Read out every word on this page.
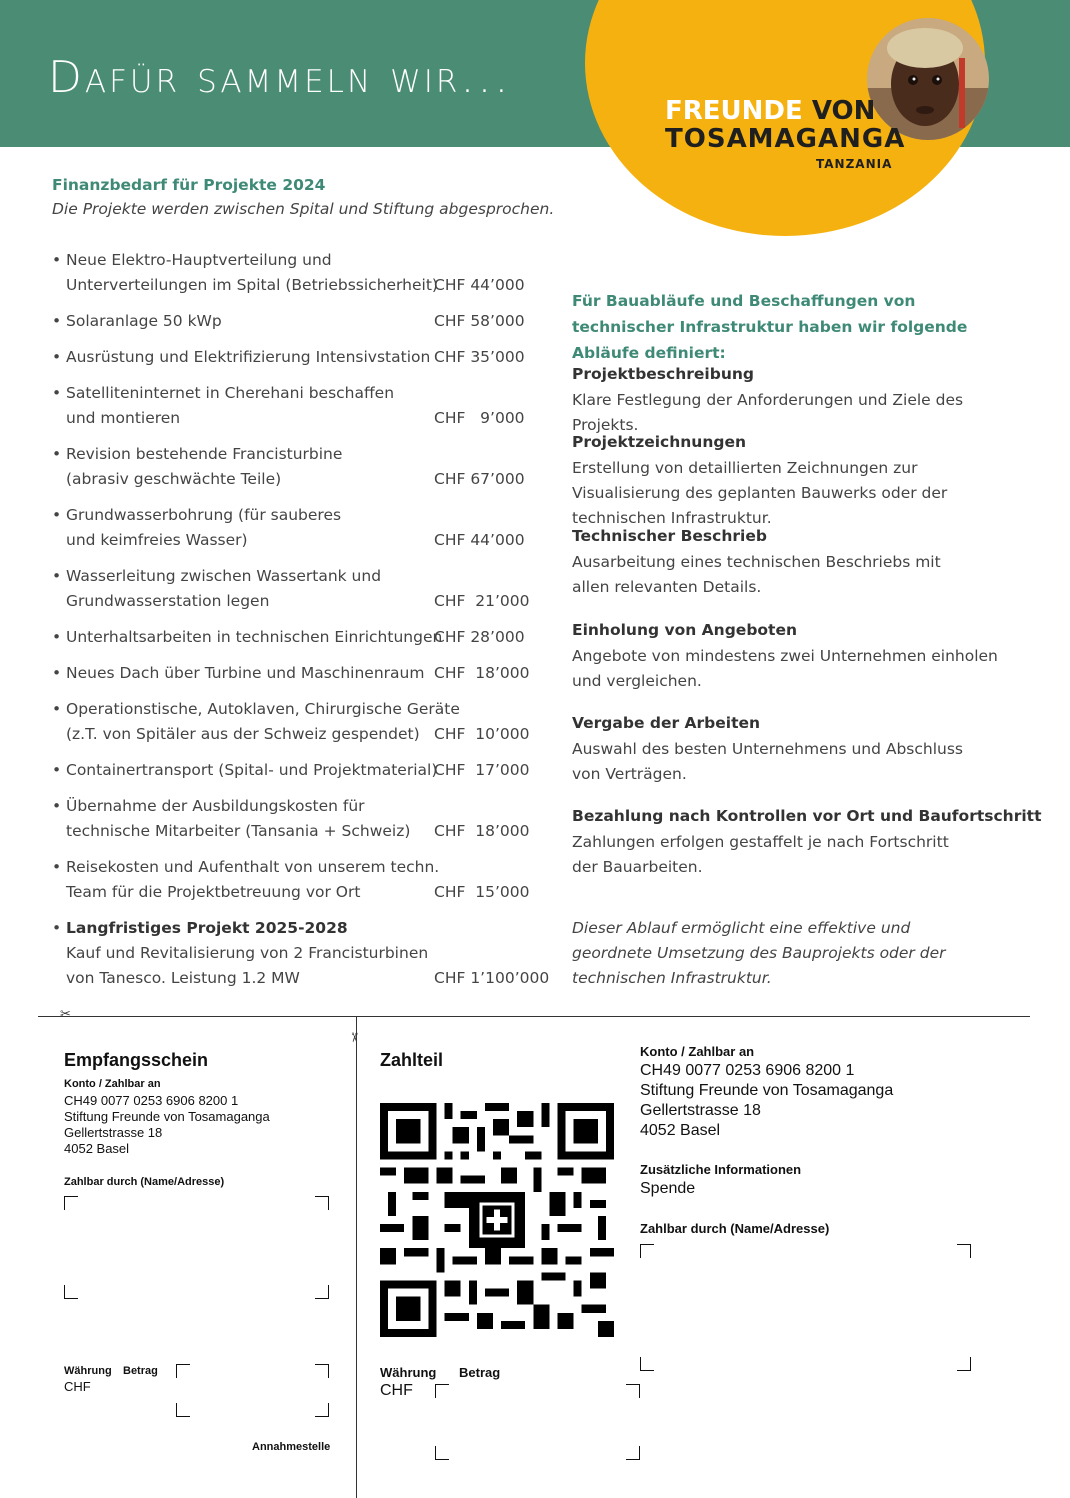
Dafür sammeln wir...
FREUNDE VON
TOSAMAGANGA
TANZANIA
Finanzbedarf für Projekte 2024
Die Projekte werden zwischen Spital und Stiftung abgesprochen.
• Neue Elektro-Hauptverteilung und
Unterverteilungen im Spital (Betriebssicherheit)
CHF 44’000
• Solaranlage 50 kWp	CHF 58’000
• Ausrüstung und Elektrifizierung Intensivstation CHF 35’000
• Satelliteninternet in Cherehani beschaffen
und montieren	CHF   9’000
• Revision bestehende Francisturbine
(abrasiv geschwächte Teile)	CHF 67’000
• Grundwasserbohrung (für sauberes
und keimfreies Wasser)	CHF 44’000
• Wasserleitung zwischen Wassertank und
Grundwasserstation legen	CHF  21’000
• Unterhaltsarbeiten in technischen Einrichtungen
CHF 28’000
• Neues Dach über Turbine und Maschinenraum CHF  18’000
• Operationstische, Autoklaven, Chirurgische Geräte
(z.T. von Spitäler aus der Schweiz gespendet) CHF  10’000
• Containertransport (Spital- und Projektmaterial)
CHF  17’000
• Übernahme der Ausbildungskosten für
technische Mitarbeiter (Tansania + Schweiz) CHF  18’000
• Reisekosten und Aufenthalt von unserem techn.
Team für die Projektbetreuung vor Ort	CHF  15’000
• Langfristiges Projekt 2025-2028
Kauf und Revitalisierung von 2 Francisturbinen
von Tanesco. Leistung 1.2 MW	CHF 1’100’000
Für Bauabläufe und Beschaffungen von technischer Infrastruktur haben wir folgende Abläufe definiert:
Projektbeschreibung
Klare Festlegung der Anforderungen und Ziele des Projekts.
Projektzeichnungen
Erstellung von detaillierten Zeichnungen zur Visualisierung des geplanten Bauwerks oder der technischen Infrastruktur.
Technischer Beschrieb
Ausarbeitung eines technischen Beschriebs mit allen relevanten Details.
Einholung von Angeboten
Angebote von mindestens zwei Unternehmen einholen und vergleichen.
Vergabe der Arbeiten
Auswahl des besten Unternehmens und Abschluss von Verträgen.
Bezahlung nach Kontrollen vor Ort und Baufortschritt
Zahlungen erfolgen gestaffelt je nach Fortschritt der Bauarbeiten.
Dieser Ablauf ermöglicht eine effektive und geordnete Umsetzung des Bauprojekts oder der technischen Infrastruktur.
✂
✂
Empfangsschein
Konto / Zahlbar an
CH49 0077 0253 6906 8200 1
Stiftung Freunde von Tosamaganga
Gellertstrasse 18
4052 Basel
Zahlbar durch (Name/Adresse)
Währung Betrag
CHF
Annahmestelle
Zahlteil
Währung Betrag
CHF
Konto / Zahlbar an
CH49 0077 0253 6906 8200 1
Stiftung Freunde von Tosamaganga
Gellertstrasse 18
4052 Basel
Zusätzliche Informationen
Spende
Zahlbar durch (Name/Adresse)
